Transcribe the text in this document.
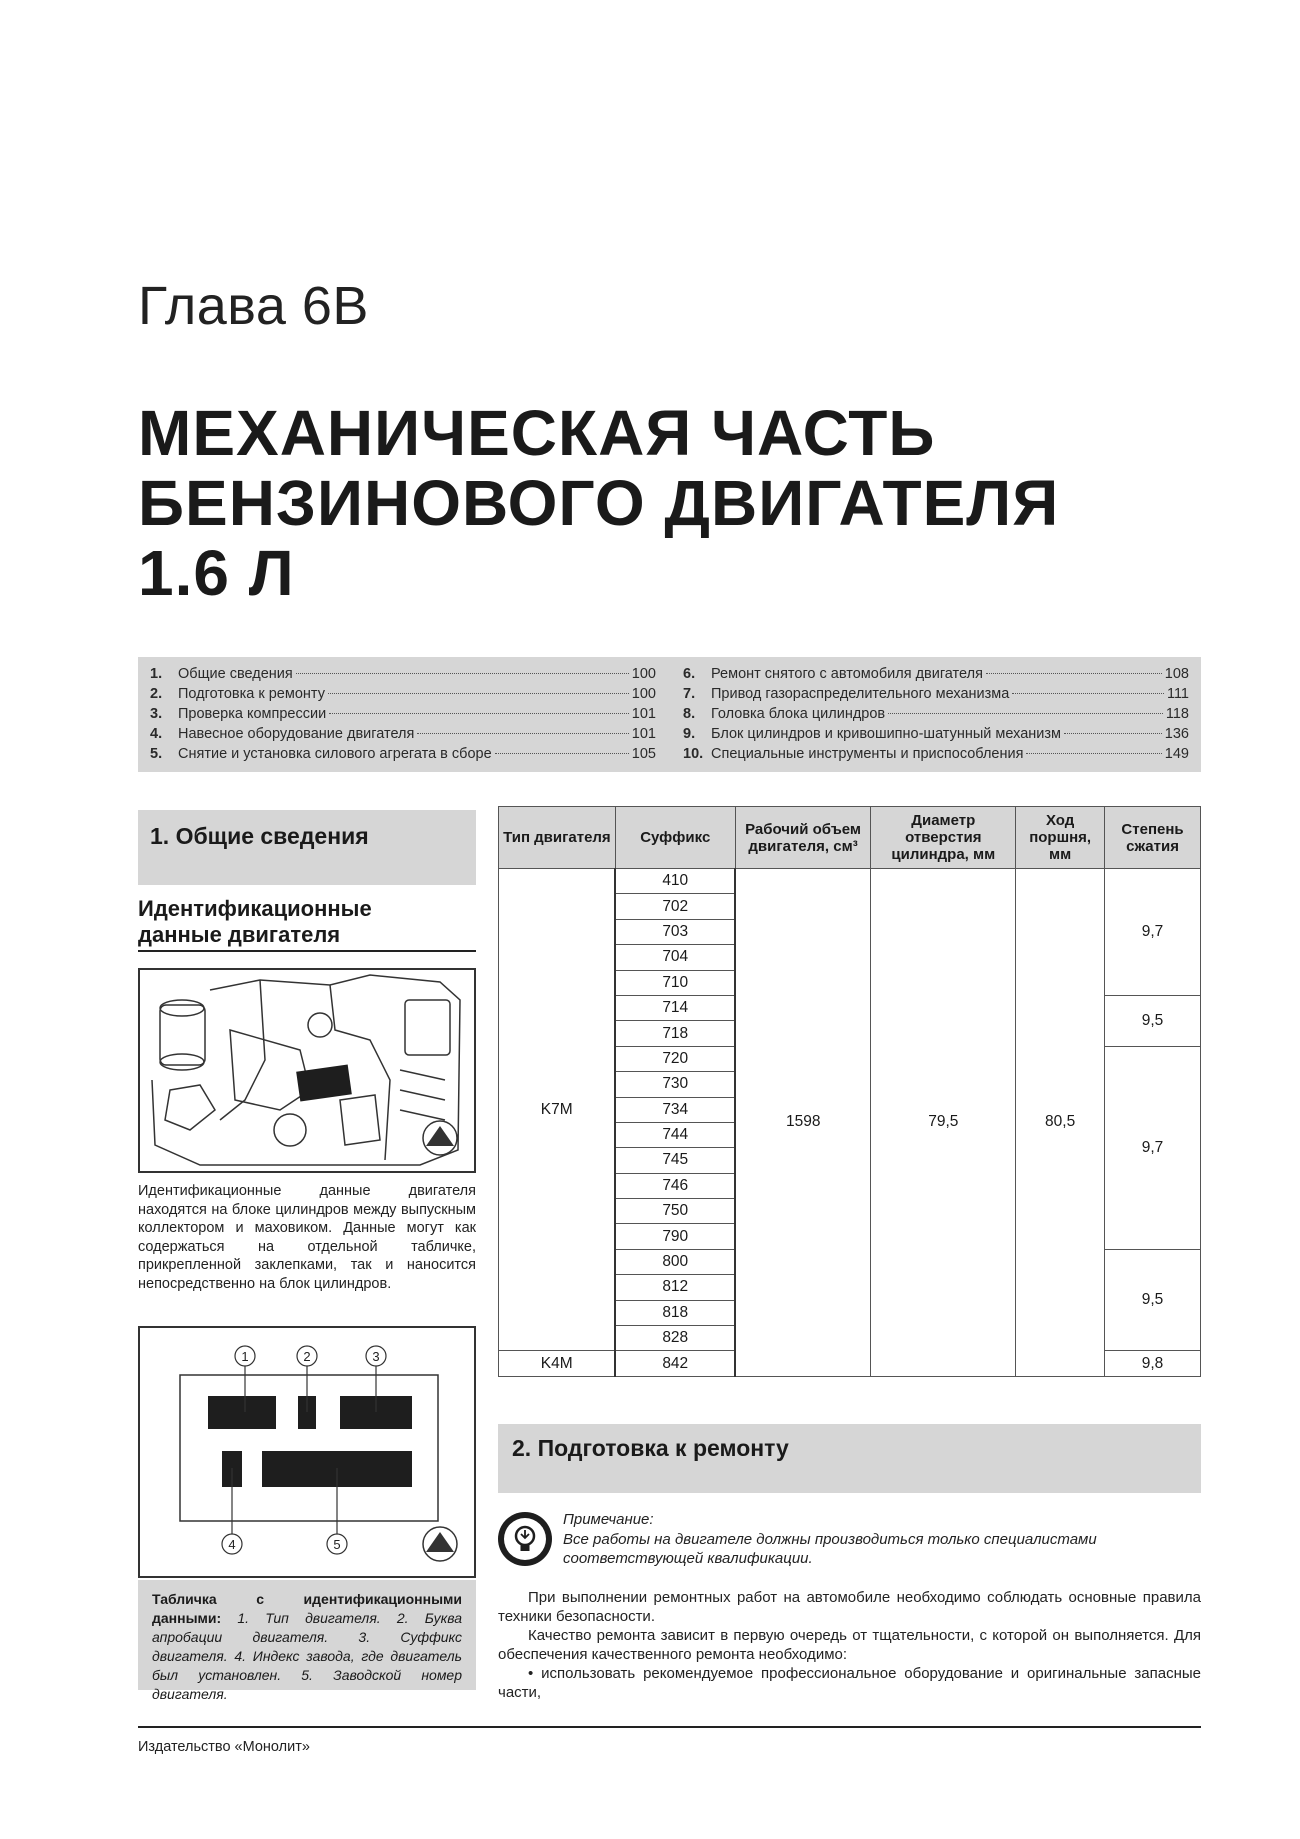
Глава 6В
МЕХАНИЧЕСКАЯ ЧАСТЬ
БЕНЗИНОВОГО ДВИГАТЕЛЯ
1.6 Л
1.	Общие сведения	100
2.	Подготовка к ремонту	100
3.	Проверка компрессии	101
4.	Навесное оборудование двигателя	101
5.	Снятие и установка силового агрегата в сборе	105
6.	Ремонт снятого с автомобиля двигателя	108
7.	Привод газораспределительного механизма	111
8.	Головка блока цилиндров	118
9.	Блок цилиндров и кривошипно-шатунный механизм	136
10. Специальные инструменты и приспособления	149
1. Общие сведения
Идентификационные
данные двигателя
Идентификационные данные двигателя находятся на блоке цилиндров между выпускным коллектором и маховиком. Данные могут как содержаться на отдельной табличке, прикрепленной заклепками, так и наносится непосредственно на блок цилиндров.
1	2	3
4	5
Табличка с идентификационными данными: 1. Тип двигателя. 2. Буква апробации двигателя. 3. Суффикс двигателя. 4. Индекс завода, где двигатель был установлен. 5. Заводской номер двигателя.
Тип двигателя	Суффикс	Рабочий объем двигателя, см³	Диаметр отверстия цилиндра, мм	Ход поршня, мм	Степень сжатия
K7M	410	1598	79,5	80,5	9,7
	702				
	703				
	704				
	710				
	714				9,5
	718				
	720				9,7
	730				
	734				
	744				
	745				
	746				
	750				
	790				
	800				9,5
	812				
	818				
	828				
K4M	842				9,8
2. Подготовка к ремонту
Примечание:
Все работы на двигателе должны производиться только специалистами соответствующей квалификации.

При выполнении ремонтных работ на автомобиле необходимо соблюдать основные правила техники безопасности.

Качество ремонта зависит в первую очередь от тщательности, с которой он выполняется. Для обеспечения качественного ремонта необходимо:

• использовать рекомендуемое профессиональное оборудование и оригинальные запасные части,

Издательство «Монолит»
